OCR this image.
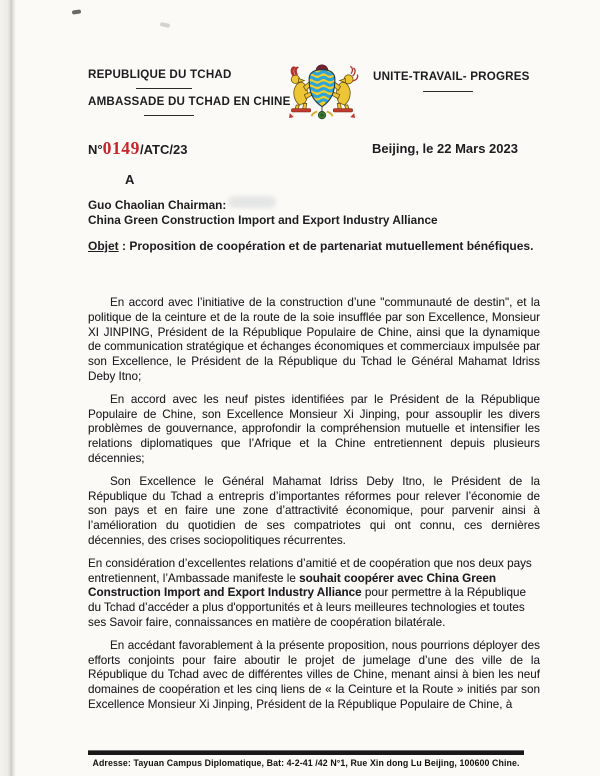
REPUBLIQUE DU TCHAD
AMBASSADE DU TCHAD EN CHINE
UNITE-TRAVAIL- PROGRES
N°0149/ATC/23	Beijing, le 22 Mars 2023
A
Guo Chaolian Chairman:
China Green Construction Import and Export Industry Alliance
Objet : Proposition de coopération et de partenariat mutuellement bénéfiques.

En accord avec l’initiative de la construction d’une "communauté de destin", et la politique de la ceinture et de la route de la soie insufflée par son Excellence, Monsieur XI JINPING, Président de la République Populaire de Chine, ainsi que la dynamique de communication stratégique et échanges économiques et commerciaux impulsée par son Excellence, le Président de la République du Tchad le Général Mahamat Idriss Deby Itno;

En accord avec les neuf pistes identifiées par le Président de la République Populaire de Chine, son Excellence Monsieur Xi Jinping, pour assouplir les divers problèmes de gouvernance, approfondir la compréhension mutuelle et intensifier les relations diplomatiques que l’Afrique et la Chine entretiennent depuis plusieurs décennies;

Son Excellence le Général Mahamat Idriss Deby Itno, le Président de la République du Tchad a entrepris d’importantes réformes pour relever l’économie de son pays et en faire une zone d’attractivité économique, pour parvenir ainsi à l’amélioration du quotidien de ses compatriotes qui ont connu, ces dernières décennies, des crises sociopolitiques récurrentes.

En considération d’excellentes relations d’amitié et de coopération que nos deux pays entretiennent, l’Ambassade manifeste le souhait coopérer avec China Green Construction Import and Export Industry Alliance pour permettre à la République du Tchad d’accéder a plus d'opportunités et à leurs meilleures technologies et toutes ses Savoir faire, connaissances en matière de coopération bilatérale.

En accédant favorablement à la présente proposition, nous pourrions déployer des efforts conjoints pour faire aboutir le projet de jumelage d’une des ville de la République du Tchad avec de différentes villes de Chine, menant ainsi à bien les neuf domaines de coopération et les cinq liens de « la Ceinture et la Route » initiés par son Excellence Monsieur Xi Jinping, Président de la République Populaire de Chine, à

Adresse: Tayuan Campus Diplomatique, Bat: 4-2-41 /42 N°1, Rue Xin dong Lu Beijing, 100600 Chine.
